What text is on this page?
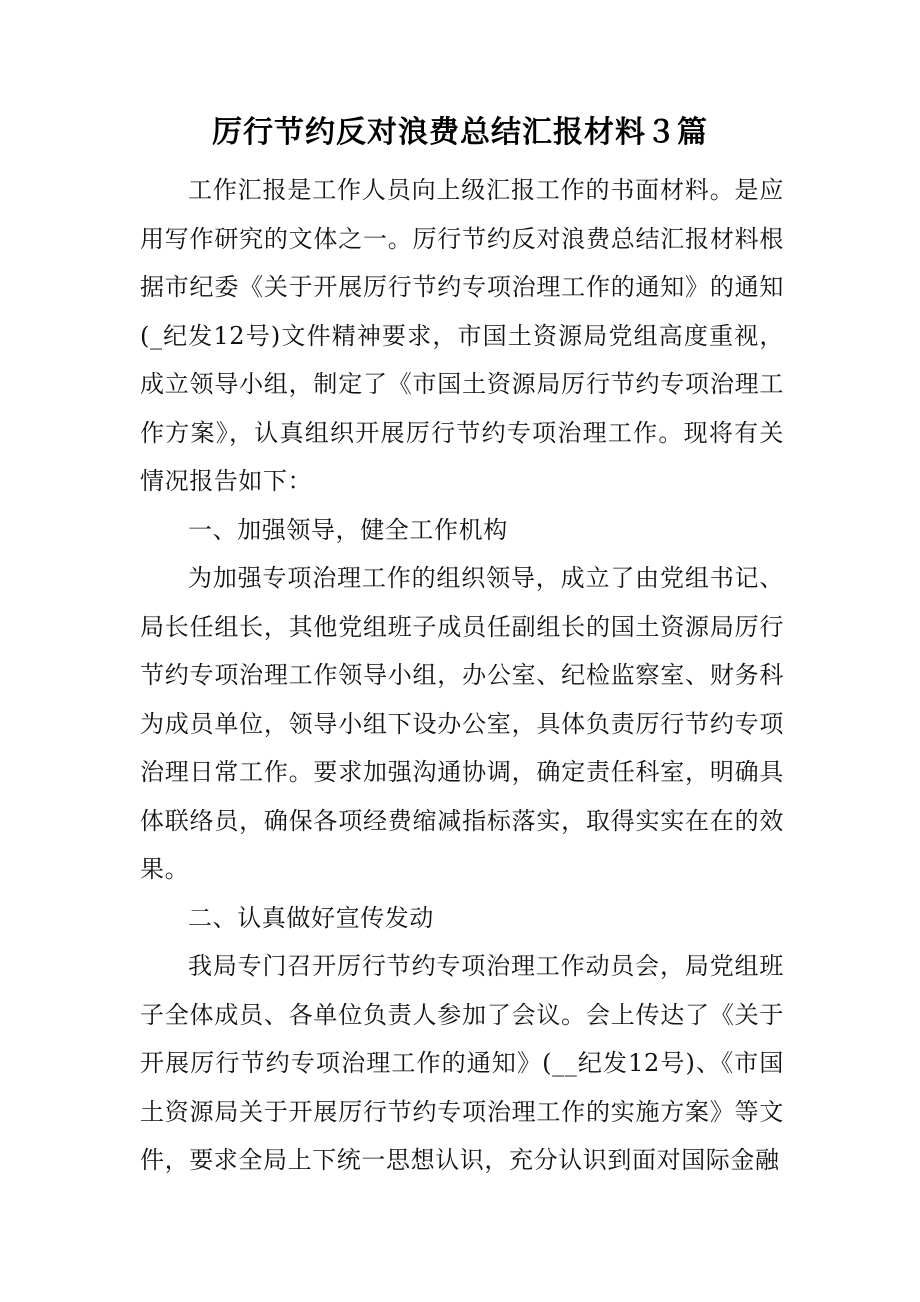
厉行节约反对浪费总结汇报材料３篇

工作汇报是工作人员向上级汇报工作的书面材料。是应用写作研究的文体之一。厉行节约反对浪费总结汇报材料根据市纪委《关于开展厉行节约专项治理工作的通知》的通知(_纪发12号)文件精神要求，市国土资源局党组高度重视，成立领导小组，制定了《市国土资源局厉行节约专项治理工作方案》，认真组织开展厉行节约专项治理工作。现将有关情况报告如下：

一、加强领导，健全工作机构

为加强专项治理工作的组织领导，成立了由党组书记、局长任组长，其他党组班子成员任副组长的国土资源局厉行节约专项治理工作领导小组，办公室、纪检监察室、财务科为成员单位，领导小组下设办公室，具体负责厉行节约专项治理日常工作。要求加强沟通协调，确定责任科室，明确具体联络员，确保各项经费缩减指标落实，取得实实在在的效果。

二、认真做好宣传发动

我局专门召开厉行节约专项治理工作动员会，局党组班子全体成员、各单位负责人参加了会议。会上传达了《关于开展厉行节约专项治理工作的通知》(__纪发12号)、《市国土资源局关于开展厉行节约专项治理工作的实施方案》等文件，要求全局上下统一思想认识，充分认识到面对国际金融
